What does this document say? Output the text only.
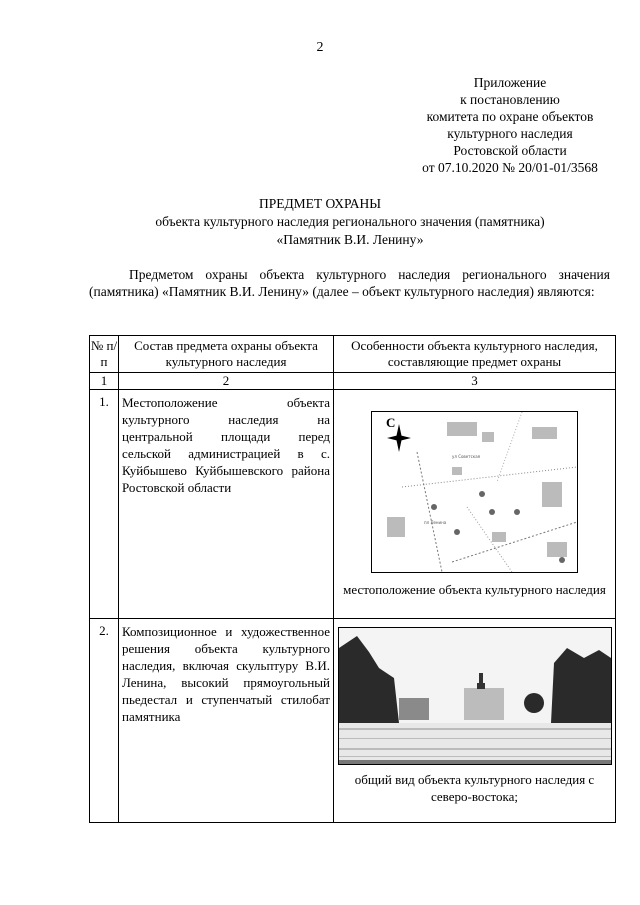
2
Приложение
к постановлению
комитета по охране объектов
культурного наследия
Ростовской области
от 07.10.2020 № 20/01-01/3568
ПРЕДМЕТ ОХРАНЫ
объекта культурного наследия регионального значения (памятника)
«Памятник В.И. Ленину»
Предметом охраны объекта культурного наследия регионального значения (памятника) «Памятник В.И. Ленину» (далее – объект культурного наследия) являются:
№ п/п	Состав предмета охраны объекта культурного наследия	Особенности объекта культурного наследия, составляющие предмет охраны
1	2	3
1.	Местоположение объекта культурного наследия на центральной площади перед сельской администрацией в с. Куйбышево Куйбышевского района Ростовской области	ул Советская
пл Ленина
С
местоположение объекта культурного наследия

2.	Композиционное и художественное решения объекта культурного наследия, включая скульптуру В.И. Ленина, высокий прямоугольный пьедестал и ступенчатый стилобат памятника	общий вид объекта культурного наследия с северо-востока;
